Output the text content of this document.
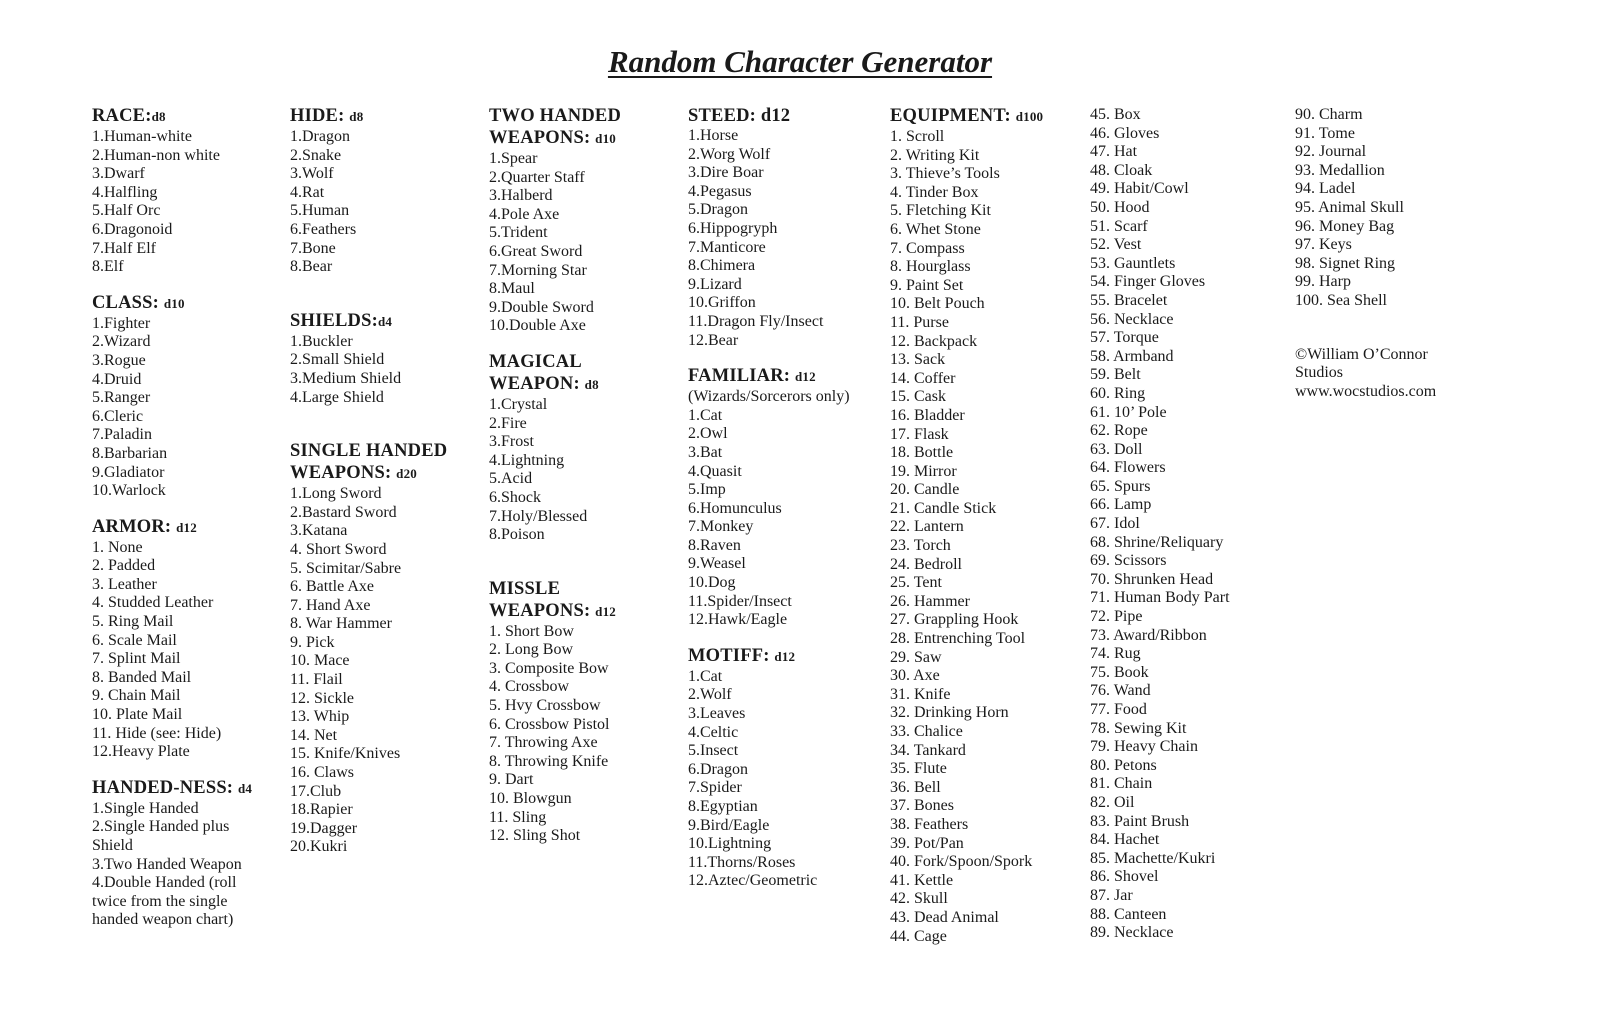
Random Character Generator
RACE:d8
1.Human-white
2.Human-non white
3.Dwarf
4.Halfling
5.Half Orc
6.Dragonoid
7.Half Elf
8.Elf
CLASS: d10
1.Fighter
2.Wizard
3.Rogue
4.Druid
5.Ranger
6.Cleric
7.Paladin
8.Barbarian
9.Gladiator
10.Warlock
ARMOR: d12
1. None
2. Padded
3. Leather
4. Studded Leather
5. Ring Mail
6. Scale Mail
7. Splint Mail
8. Banded Mail
9. Chain Mail
10. Plate Mail
11. Hide (see: Hide)
12.Heavy Plate
HANDED-NESS: d4
1.Single Handed
2.Single Handed plus Shield
3.Two Handed Weapon
4.Double Handed (roll twice from the single handed weapon chart)
HIDE: d8
1.Dragon
2.Snake
3.Wolf
4.Rat
5.Human
6.Feathers
7.Bone
8.Bear
SHIELDS:d4
1.Buckler
2.Small Shield
3.Medium Shield
4.Large Shield
SINGLE HANDED WEAPONS: d20
1.Long Sword
2.Bastard Sword
3.Katana
4. Short Sword
5. Scimitar/Sabre
6. Battle Axe
7. Hand Axe
8. War Hammer
9. Pick
10. Mace
11. Flail
12. Sickle
13. Whip
14. Net
15. Knife/Knives
16. Claws
17.Club
18.Rapier
19.Dagger
20.Kukri
TWO HANDED WEAPONS: d10
1.Spear
2.Quarter Staff
3.Halberd
4.Pole Axe
5.Trident
6.Great Sword
7.Morning Star
8.Maul
9.Double Sword
10.Double Axe
MAGICAL WEAPON: d8
1.Crystal
2.Fire
3.Frost
4.Lightning
5.Acid
6.Shock
7.Holy/Blessed
8.Poison
MISSLE WEAPONS: d12
1. Short Bow
2. Long Bow
3. Composite Bow
4. Crossbow
5. Hvy Crossbow
6. Crossbow Pistol
7. Throwing Axe
8. Throwing Knife
9. Dart
10. Blowgun
11. Sling
12. Sling Shot
STEED: d12
1.Horse
2.Worg Wolf
3.Dire Boar
4.Pegasus
5.Dragon
6.Hippogryph
7.Manticore
8.Chimera
9.Lizard
10.Griffon
11.Dragon Fly/Insect
12.Bear
FAMILIAR: d12
(Wizards/Sorcerors only)
1.Cat
2.Owl
3.Bat
4.Quasit
5.Imp
6.Homunculus
7.Monkey
8.Raven
9.Weasel
10.Dog
11.Spider/Insect
12.Hawk/Eagle
MOTIFF: d12
1.Cat
2.Wolf
3.Leaves
4.Celtic
5.Insect
6.Dragon
7.Spider
8.Egyptian
9.Bird/Eagle
10.Lightning
11.Thorns/Roses
12.Aztec/Geometric
EQUIPMENT: d100
1. Scroll
2. Writing Kit
3. Thieve’s Tools
4. Tinder Box
5. Fletching Kit
6. Whet Stone
7. Compass
8. Hourglass
9. Paint Set
10. Belt Pouch
11. Purse
12. Backpack
13. Sack
14. Coffer
15. Cask
16. Bladder
17. Flask
18. Bottle
19. Mirror
20. Candle
21. Candle Stick
22. Lantern
23. Torch
24. Bedroll
25. Tent
26. Hammer
27. Grappling Hook
28. Entrenching Tool
29. Saw
30. Axe
31. Knife
32. Drinking Horn
33. Chalice
34. Tankard
35. Flute
36. Bell
37. Bones
38. Feathers
39. Pot/Pan
40. Fork/Spoon/Spork
41. Kettle
42. Skull
43. Dead Animal
44. Cage
45. Box
46. Gloves
47. Hat
48. Cloak
49. Habit/Cowl
50. Hood
51. Scarf
52. Vest
53. Gauntlets
54. Finger Gloves
55. Bracelet
56. Necklace
57. Torque
58. Armband
59. Belt
60. Ring
61. 10’ Pole
62. Rope
63. Doll
64. Flowers
65. Spurs
66. Lamp
67. Idol
68. Shrine/Reliquary
69. Scissors
70. Shrunken Head
71. Human Body Part
72. Pipe
73. Award/Ribbon
74. Rug
75. Book
76. Wand
77. Food
78. Sewing Kit
79. Heavy Chain
80. Petons
81. Chain
82. Oil
83. Paint Brush
84. Hachet
85. Machette/Kukri
86. Shovel
87. Jar
88. Canteen
89. Necklace
90. Charm
91. Tome
92. Journal
93. Medallion
94. Ladel
95. Animal Skull
96. Money Bag
97. Keys
98. Signet Ring
99. Harp
100. Sea Shell
©William O’Connor
Studios
www.wocstudios.com
